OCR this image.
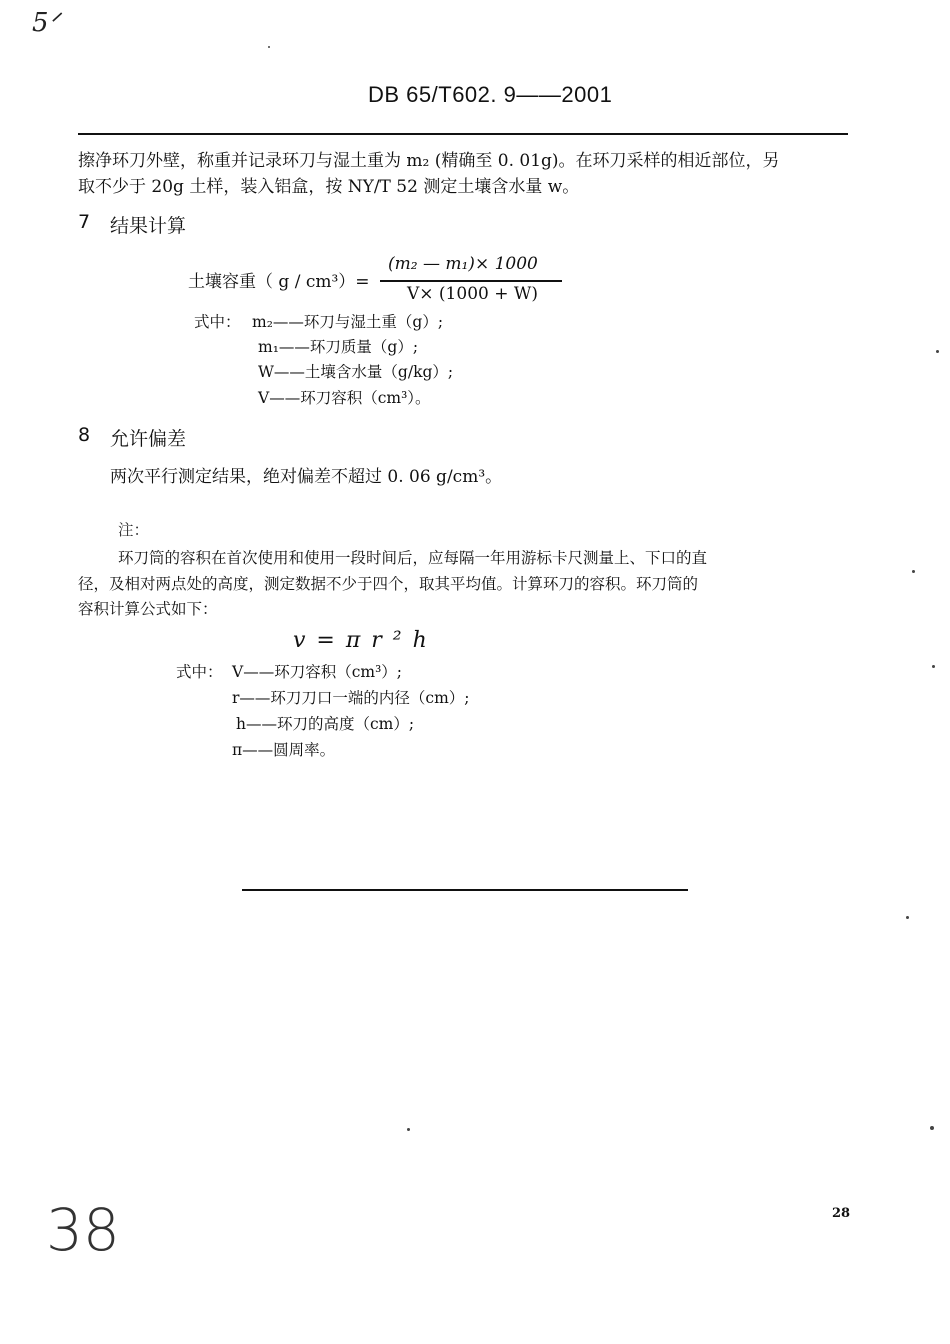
5ᐟ
DB 65/T602. 9——2001
擦净环刀外壁，称重并记录环刀与湿土重为 m₂ (精确至 0. 01g)。在环刀采样的相近部位，另
取不少于 20g 土样，装入铝盒，按 NY/T 52 测定土壤含水量 w。
7 结果计算
土壤容重（ g / cm³）=
(m₂ — m₁)× 1000
V× (1000 + W)
式中： m₂——环刀与湿土重（g）;
m₁——环刀质量（g）;
W——土壤含水量（g/kg）;
V——环刀容积（cm³）。
8 允许偏差
两次平行测定结果，绝对偏差不超过 0. 06 g/cm³。
注：
环刀筒的容积在首次使用和使用一段时间后，应每隔一年用游标卡尺测量上、下口的直
径，及相对两点处的高度，测定数据不少于四个，取其平均值。计算环刀的容积。环刀筒的
容积计算公式如下：
v = π r ² h
式中： V——环刀容积（cm³）;
r——环刀刀口一端的内径（cm）;
h——环刀的高度（cm）;
π——圆周率。
28
38
